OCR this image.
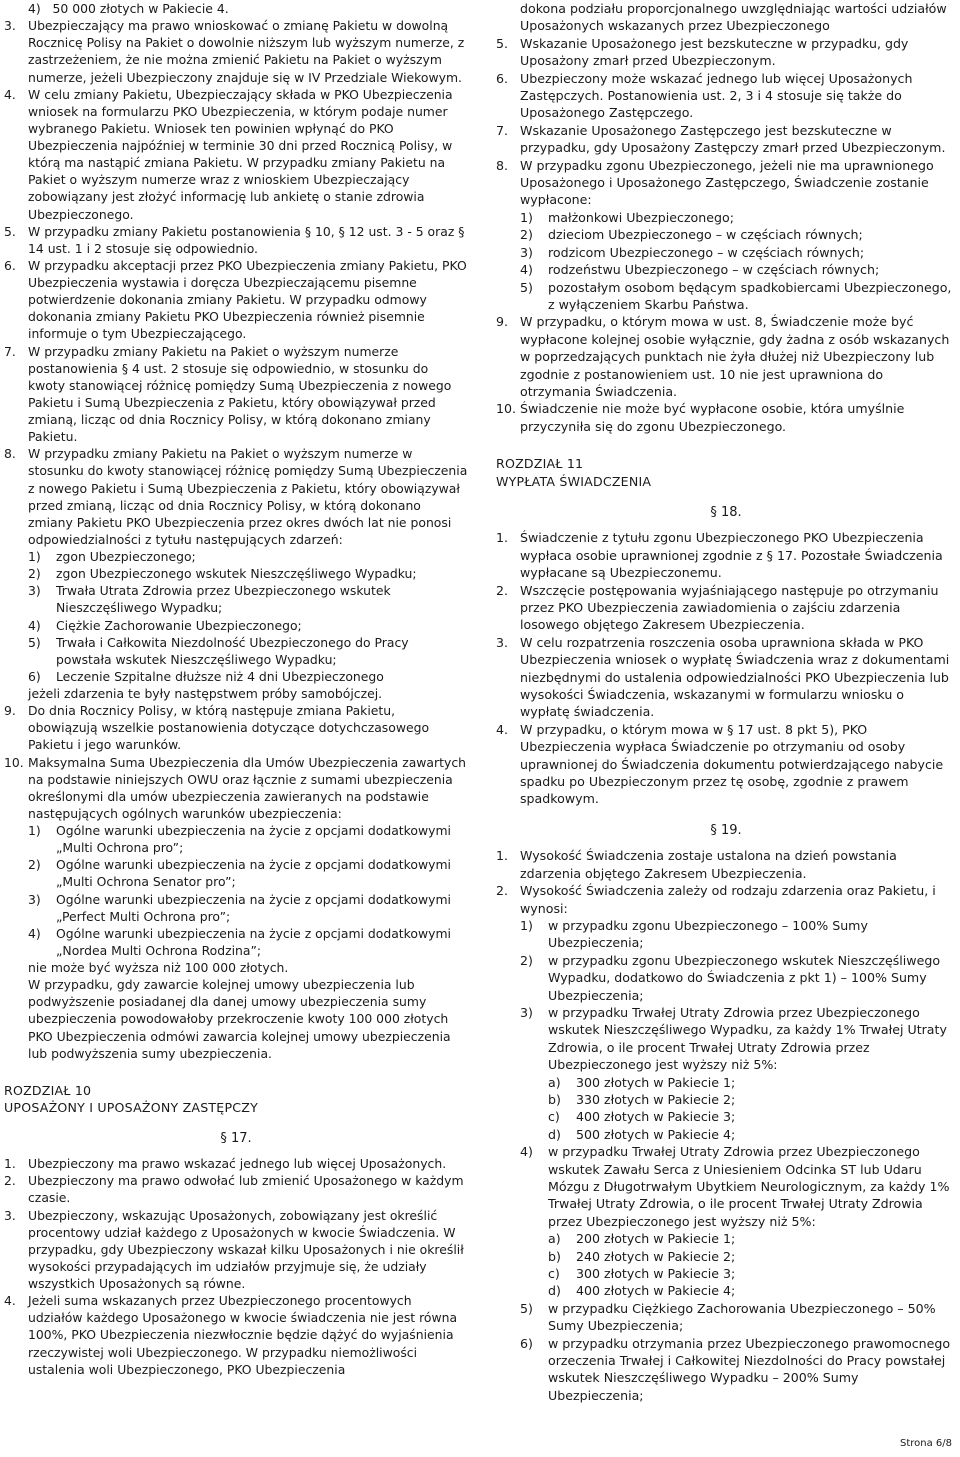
4)   50 000 złotych w Pakiecie 4.

3. Ubezpieczający ma prawo wnioskować o zmianę Pakietu w dowolną Rocznicę Polisy na Pakiet o dowolnie niższym lub wyższym numerze, z zastrzeżeniem, że nie można zmienić Pakietu na Pakiet o wyższym numerze, jeżeli Ubezpieczony znajduje się w IV Przedziale Wiekowym.
4. W celu zmiany Pakietu, Ubezpieczający składa w PKO Ubezpieczenia wniosek na formularzu PKO Ubezpieczenia, w którym podaje numer wybranego Pakietu. Wniosek ten powinien wpłynąć do PKO Ubezpieczenia najpóźniej w terminie 30 dni przed Rocznicą Polisy, w którą ma nastąpić zmiana Pakietu. W przypadku zmiany Pakietu na Pakiet o wyższym numerze wraz z wnioskiem Ubezpieczający zobowiązany jest złożyć informację lub ankietę o stanie zdrowia Ubezpieczonego.
5. W przypadku zmiany Pakietu postanowienia § 10, § 12 ust. 3 - 5 oraz § 14 ust. 1 i 2 stosuje się odpowiednio.
6. W przypadku akceptacji przez PKO Ubezpieczenia zmiany Pakietu, PKO Ubezpieczenia wystawia i doręcza Ubezpieczającemu pisemne potwierdzenie dokonania zmiany Pakietu. W przypadku odmowy dokonania zmiany Pakietu PKO Ubezpieczenia również pisemnie informuje o tym Ubezpieczającego.
7. W przypadku zmiany Pakietu na Pakiet o wyższym numerze postanowienia § 4 ust. 2 stosuje się odpowiednio, w stosunku do kwoty stanowiącej różnicę pomiędzy Sumą Ubezpieczenia z nowego Pakietu i Sumą Ubezpieczenia z Pakietu, który obowiązywał przed zmianą, licząc od dnia Rocznicy Polisy, w którą dokonano zmiany Pakietu.
8. W przypadku zmiany Pakietu na Pakiet o wyższym numerze w stosunku do kwoty stanowiącej różnicę pomiędzy Sumą Ubezpieczenia z nowego Pakietu i Sumą Ubezpieczenia z Pakietu, który obowiązywał przed zmianą, licząc od dnia Rocznicy Polisy, w którą dokonano zmiany Pakietu PKO Ubezpieczenia przez okres dwóch lat nie ponosi odpowiedzialności z tytułu następujących zdarzeń:
1) zgon Ubezpieczonego;
2) zgon Ubezpieczonego wskutek Nieszczęśliwego Wypadku;
3) Trwała Utrata Zdrowia przez Ubezpieczonego wskutek Nieszczęśliwego Wypadku;
4) Ciężkie Zachorowanie Ubezpieczonego;
5) Trwała i Całkowita Niezdolność Ubezpieczonego do Pracy powstała wskutek Nieszczęśliwego Wypadku;
6) Leczenie Szpitalne dłuższe niż 4 dni Ubezpieczonego

jeżeli zdarzenia te były następstwem próby samobójczej.

9. Do dnia Rocznicy Polisy, w którą następuje zmiana Pakietu, obowiązują wszelkie postanowienia dotyczące dotychczasowego Pakietu i jego warunków.
10. Maksymalna Suma Ubezpieczenia dla Umów Ubezpieczenia zawartych na podstawie niniejszych OWU oraz łącznie z sumami ubezpieczenia określonymi dla umów ubezpieczenia zawieranych na podstawie następujących ogólnych warunków ubezpieczenia:
1) Ogólne warunki ubezpieczenia na życie z opcjami dodatkowymi „Multi Ochrona pro”;
2) Ogólne warunki ubezpieczenia na życie z opcjami dodatkowymi „Multi Ochrona Senator pro”;
3) Ogólne warunki ubezpieczenia na życie z opcjami dodatkowymi „Perfect Multi Ochrona pro”;
4) Ogólne warunki ubezpieczenia na życie z opcjami dodatkowymi „Nordea Multi Ochrona Rodzina”;

nie może być wyższa niż 100 000 złotych.

W przypadku, gdy zawarcie kolejnej umowy ubezpieczenia lub podwyższenie posiadanej dla danej umowy ubezpieczenia sumy ubezpieczenia powodowałoby przekroczenie kwoty 100 000 złotych PKO Ubezpieczenia odmówi zawarcia kolejnej umowy ubezpieczenia lub podwyższenia sumy ubezpieczenia.

ROZDZIAŁ 10

UPOSAŻONY I UPOSAŻONY ZASTĘPCZY

§ 17.

1. Ubezpieczony ma prawo wskazać jednego lub więcej Uposażonych.
2. Ubezpieczony ma prawo odwołać lub zmienić Uposażonego w każdym czasie.
3. Ubezpieczony, wskazując Uposażonych, zobowiązany jest określić procentowy udział każdego z Uposażonych w kwocie Świadczenia. W przypadku, gdy Ubezpieczony wskazał kilku Uposażonych i nie określił wysokości przypadających im udziałów przyjmuje się, że udziały wszystkich Uposażonych są równe.
4. Jeżeli suma wskazanych przez Ubezpieczonego procentowych udziałów każdego Uposażonego w kwocie świadczenia nie jest równa 100%, PKO Ubezpieczenia niezwłocznie będzie dążyć do wyjaśnienia rzeczywistej woli Ubezpieczonego. W przypadku niemożliwości ustalenia woli Ubezpieczonego, PKO Ubezpieczenia

dokona podziału proporcjonalnego uwzględniając wartości udziałów Uposażonych wskazanych przez Ubezpieczonego

5. Wskazanie Uposażonego jest bezskuteczne w przypadku, gdy Uposażony zmarł przed Ubezpieczonym.
6. Ubezpieczony może wskazać jednego lub więcej Uposażonych Zastępczych. Postanowienia ust. 2, 3 i 4 stosuje się także do Uposażonego Zastępczego.
7. Wskazanie Uposażonego Zastępczego jest bezskuteczne w przypadku, gdy Uposażony Zastępczy zmarł przed Ubezpieczonym.
8. W przypadku zgonu Ubezpieczonego, jeżeli nie ma uprawnionego Uposażonego i Uposażonego Zastępczego, Świadczenie zostanie wypłacone:
1) małżonkowi Ubezpieczonego;
2) dzieciom Ubezpieczonego – w częściach równych;
3) rodzicom Ubezpieczonego – w częściach równych;
4) rodzeństwu Ubezpieczonego – w częściach równych;
5) pozostałym osobom będącym spadkobiercami Ubezpieczonego, z wyłączeniem Skarbu Państwa.
9. W przypadku, o którym mowa w ust. 8, Świadczenie może być wypłacone kolejnej osobie wyłącznie, gdy żadna z osób wskazanych w poprzedzających punktach nie żyła dłużej niż Ubezpieczony lub zgodnie z postanowieniem ust. 10 nie jest uprawniona do otrzymania Świadczenia.
10. Świadczenie nie może być wypłacone osobie, która umyślnie przyczyniła się do zgonu Ubezpieczonego.

ROZDZIAŁ 11

WYPŁATA ŚWIADCZENIA

§ 18.

1. Świadczenie z tytułu zgonu Ubezpieczonego PKO Ubezpieczenia wypłaca osobie uprawnionej zgodnie z § 17. Pozostałe Świadczenia wypłacane są Ubezpieczonemu.
2. Wszczęcie postępowania wyjaśniającego następuje po otrzymaniu przez PKO Ubezpieczenia zawiadomienia o zajściu zdarzenia losowego objętego Zakresem Ubezpieczenia.
3. W celu rozpatrzenia roszczenia osoba uprawniona składa w PKO Ubezpieczenia wniosek o wypłatę Świadczenia wraz z dokumentami niezbędnymi do ustalenia odpowiedzialności PKO Ubezpieczenia lub wysokości Świadczenia, wskazanymi w formularzu wniosku o wypłatę świadczenia.
4. W przypadku, o którym mowa w § 17 ust. 8 pkt 5), PKO Ubezpieczenia wypłaca Świadczenie po otrzymaniu od osoby uprawnionej do Świadczenia dokumentu potwierdzającego nabycie spadku po Ubezpieczonym przez tę osobę, zgodnie z prawem spadkowym.

§ 19.

1. Wysokość Świadczenia zostaje ustalona na dzień powstania zdarzenia objętego Zakresem Ubezpieczenia.
2. Wysokość Świadczenia zależy od rodzaju zdarzenia oraz Pakietu, i wynosi:
1) w przypadku zgonu Ubezpieczonego – 100% Sumy Ubezpieczenia;
2) w przypadku zgonu Ubezpieczonego wskutek Nieszczęśliwego Wypadku, dodatkowo do Świadczenia z pkt 1) – 100% Sumy Ubezpieczenia;
3) w przypadku Trwałej Utraty Zdrowia przez Ubezpieczonego wskutek Nieszczęśliwego Wypadku, za każdy 1% Trwałej Utraty Zdrowia, o ile procent Trwałej Utraty Zdrowia przez Ubezpieczonego jest wyższy niż 5%:
a) 300 złotych w Pakiecie 1;
b) 330 złotych w Pakiecie 2;
c) 400 złotych w Pakiecie 3;
d) 500 złotych w Pakiecie 4;
4) w przypadku Trwałej Utraty Zdrowia przez Ubezpieczonego wskutek Zawału Serca z Uniesieniem Odcinka ST lub Udaru Mózgu z Długotrwałym Ubytkiem Neurologicznym, za każdy 1% Trwałej Utraty Zdrowia, o ile procent Trwałej Utraty Zdrowia przez Ubezpieczonego jest wyższy niż 5%:
a) 200 złotych w Pakiecie 1;
b) 240 złotych w Pakiecie 2;
c) 300 złotych w Pakiecie 3;
d) 400 złotych w Pakiecie 4;
5) w przypadku Ciężkiego Zachorowania Ubezpieczonego – 50% Sumy Ubezpieczenia;
6) w przypadku otrzymania przez Ubezpieczonego prawomocnego orzeczenia Trwałej i Całkowitej Niezdolności do Pracy powstałej wskutek Nieszczęśliwego Wypadku – 200% Sumy Ubezpieczenia;
Strona 6/8
